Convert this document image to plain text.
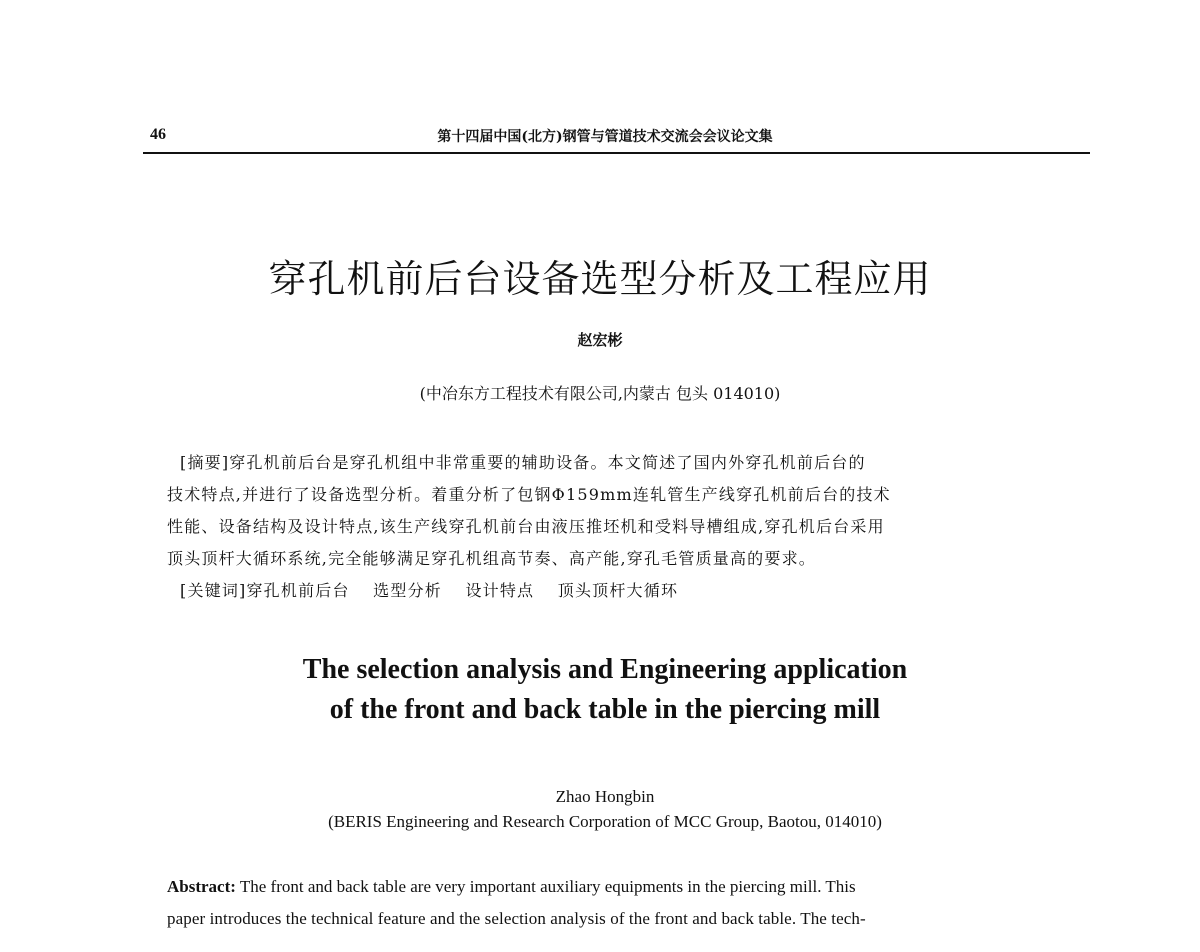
46	第十四届中国(北方)钢管与管道技术交流会会议论文集
穿孔机前后台设备选型分析及工程应用
赵宏彬
(中冶东方工程技术有限公司,内蒙古 包头 014010)
[摘要]穿孔机前后台是穿孔机组中非常重要的辅助设备。本文简述了国内外穿孔机前后台的
技术特点,并进行了设备选型分析。着重分析了包钢Φ159mm连轧管生产线穿孔机前后台的技术
性能、设备结构及设计特点,该生产线穿孔机前台由液压推坯机和受料导槽组成,穿孔机后台采用
顶头顶杆大循环系统,完全能够满足穿孔机组高节奏、高产能,穿孔毛管质量高的要求。
[关键词]穿孔机前后台　 选型分析　 设计特点　 顶头顶杆大循环
The selection analysis and Engineering application
of the front and back table in the piercing mill
Zhao Hongbin
(BERIS Engineering and Research Corporation of MCC Group, Baotou, 014010)
Abstract: The front and back table are very important auxiliary equipments in the piercing mill. This
paper introduces the technical feature and the selection analysis of the front and back table. The tech-
